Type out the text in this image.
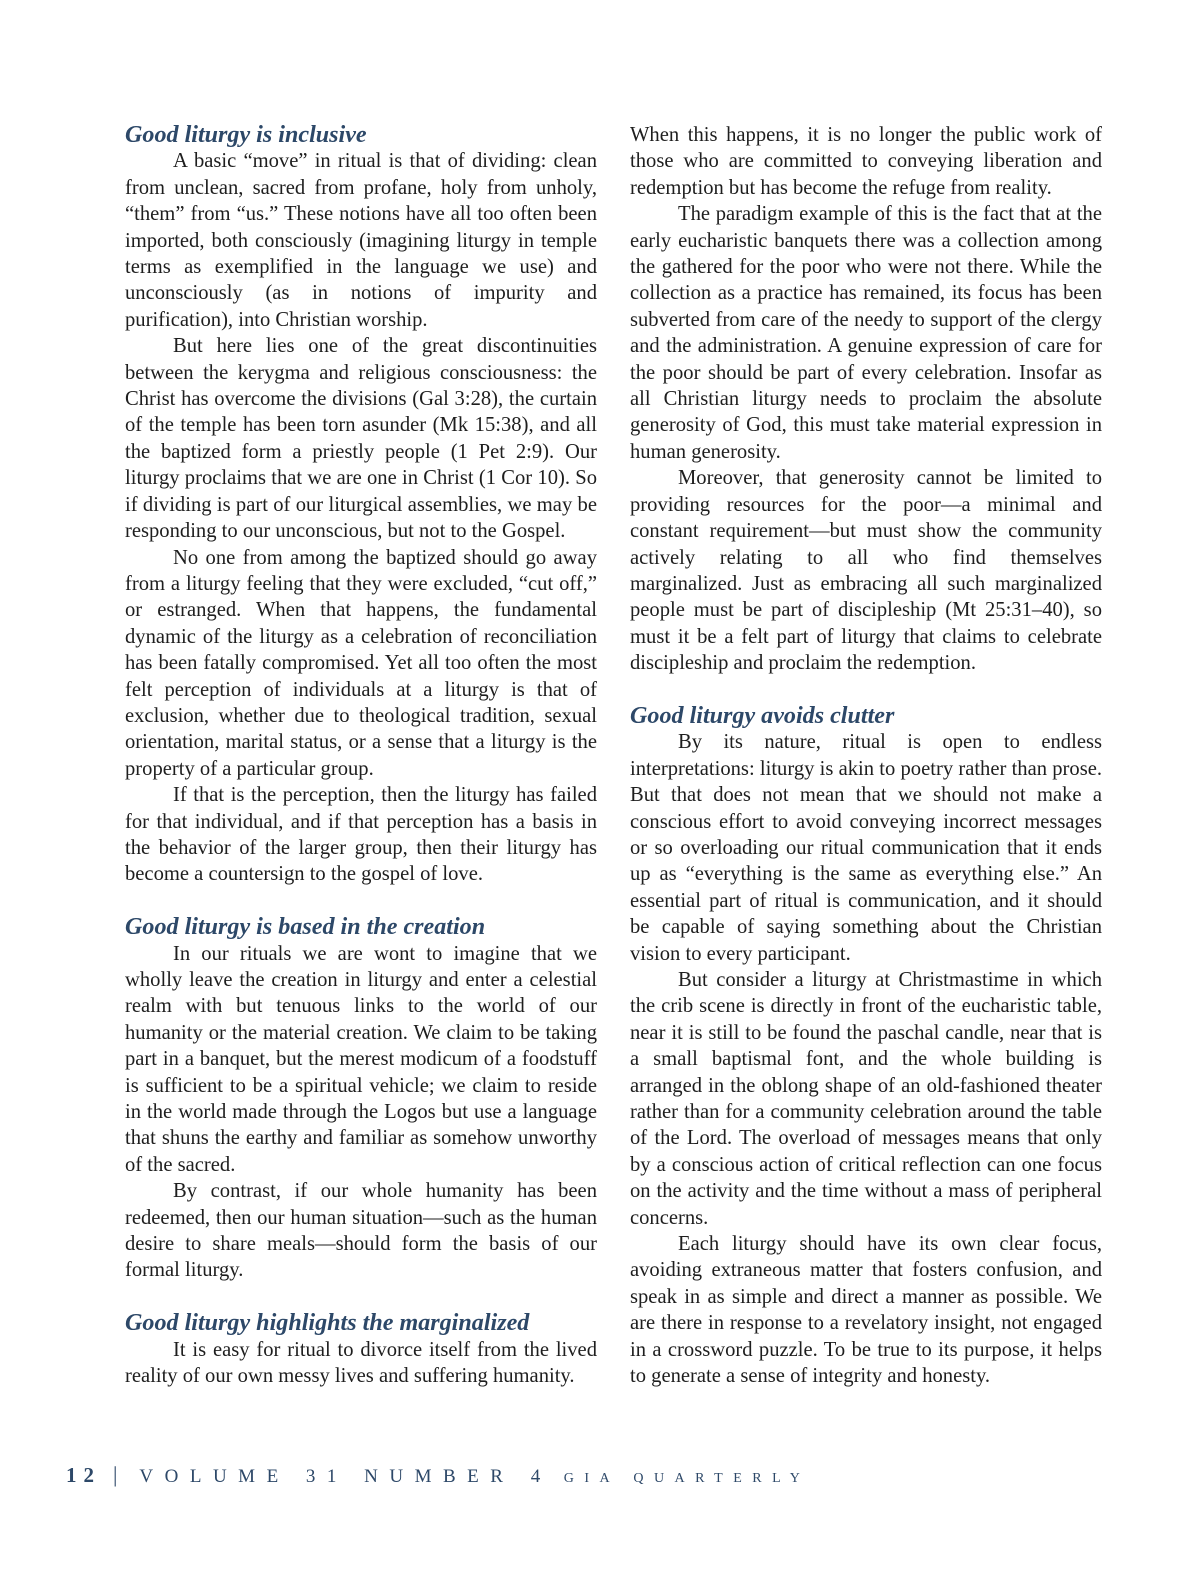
Good liturgy is inclusive

A basic “move” in ritual is that of dividing: clean from unclean, sacred from profane, holy from unholy, “them” from “us.” These notions have all too often been imported, both consciously (imagining liturgy in temple terms as exemplified in the language we use) and unconsciously (as in notions of impurity and purification), into Christian worship.

But here lies one of the great discontinuities between the kerygma and religious consciousness: the Christ has overcome the divisions (Gal 3:28), the curtain of the temple has been torn asunder (Mk 15:38), and all the baptized form a priestly people (1 Pet 2:9). Our liturgy proclaims that we are one in Christ (1 Cor 10). So if dividing is part of our liturgical assemblies, we may be responding to our unconscious, but not to the Gospel.

No one from among the baptized should go away from a liturgy feeling that they were excluded, “cut off,” or estranged. When that happens, the fundamental dynamic of the liturgy as a celebration of reconciliation has been fatally compromised. Yet all too often the most felt perception of individuals at a liturgy is that of exclusion, whether due to theological tradition, sexual orientation, marital status, or a sense that a liturgy is the property of a particular group.

If that is the perception, then the liturgy has failed for that individual, and if that perception has a basis in the behavior of the larger group, then their liturgy has become a countersign to the gospel of love.

Good liturgy is based in the creation

In our rituals we are wont to imagine that we wholly leave the creation in liturgy and enter a celestial realm with but tenuous links to the world of our humanity or the material creation. We claim to be taking part in a banquet, but the merest modicum of a foodstuff is sufficient to be a spiritual vehicle; we claim to reside in the world made through the Logos but use a language that shuns the earthy and familiar as somehow unworthy of the sacred.

By contrast, if our whole humanity has been redeemed, then our human situation—such as the human desire to share meals—should form the basis of our formal liturgy.

Good liturgy highlights the marginalized

It is easy for ritual to divorce itself from the lived reality of our own messy lives and suffering humanity.

When this happens, it is no longer the public work of those who are committed to conveying liberation and redemption but has become the refuge from reality.

The paradigm example of this is the fact that at the early eucharistic banquets there was a collection among the gathered for the poor who were not there. While the collection as a practice has remained, its focus has been subverted from care of the needy to support of the clergy and the administration. A genuine expression of care for the poor should be part of every celebration. Insofar as all Christian liturgy needs to proclaim the absolute generosity of God, this must take material expression in human generosity.

Moreover, that generosity cannot be limited to providing resources for the poor—a minimal and constant requirement—but must show the community actively relating to all who find themselves marginalized. Just as embracing all such marginalized people must be part of discipleship (Mt 25:31–40), so must it be a felt part of liturgy that claims to celebrate discipleship and proclaim the redemption.

Good liturgy avoids clutter

By its nature, ritual is open to endless interpretations: liturgy is akin to poetry rather than prose. But that does not mean that we should not make a conscious effort to avoid conveying incorrect messages or so overloading our ritual communication that it ends up as “everything is the same as everything else.” An essential part of ritual is communication, and it should be capable of saying something about the Christian vision to every participant.

But consider a liturgy at Christmastime in which the crib scene is directly in front of the eucharistic table, near it is still to be found the paschal candle, near that is a small baptismal font, and the whole building is arranged in the oblong shape of an old-fashioned theater rather than for a community celebration around the table of the Lord. The overload of messages means that only by a conscious action of critical reflection can one focus on the activity and the time without a mass of peripheral concerns.

Each liturgy should have its own clear focus, avoiding extraneous matter that fosters confusion, and speak in as simple and direct a manner as possible. We are there in response to a revelatory insight, not engaged in a crossword puzzle. To be true to its purpose, it helps to generate a sense of integrity and honesty.

12 | VOLUME 31 NUMBER 4 GIA QUARTERLY
